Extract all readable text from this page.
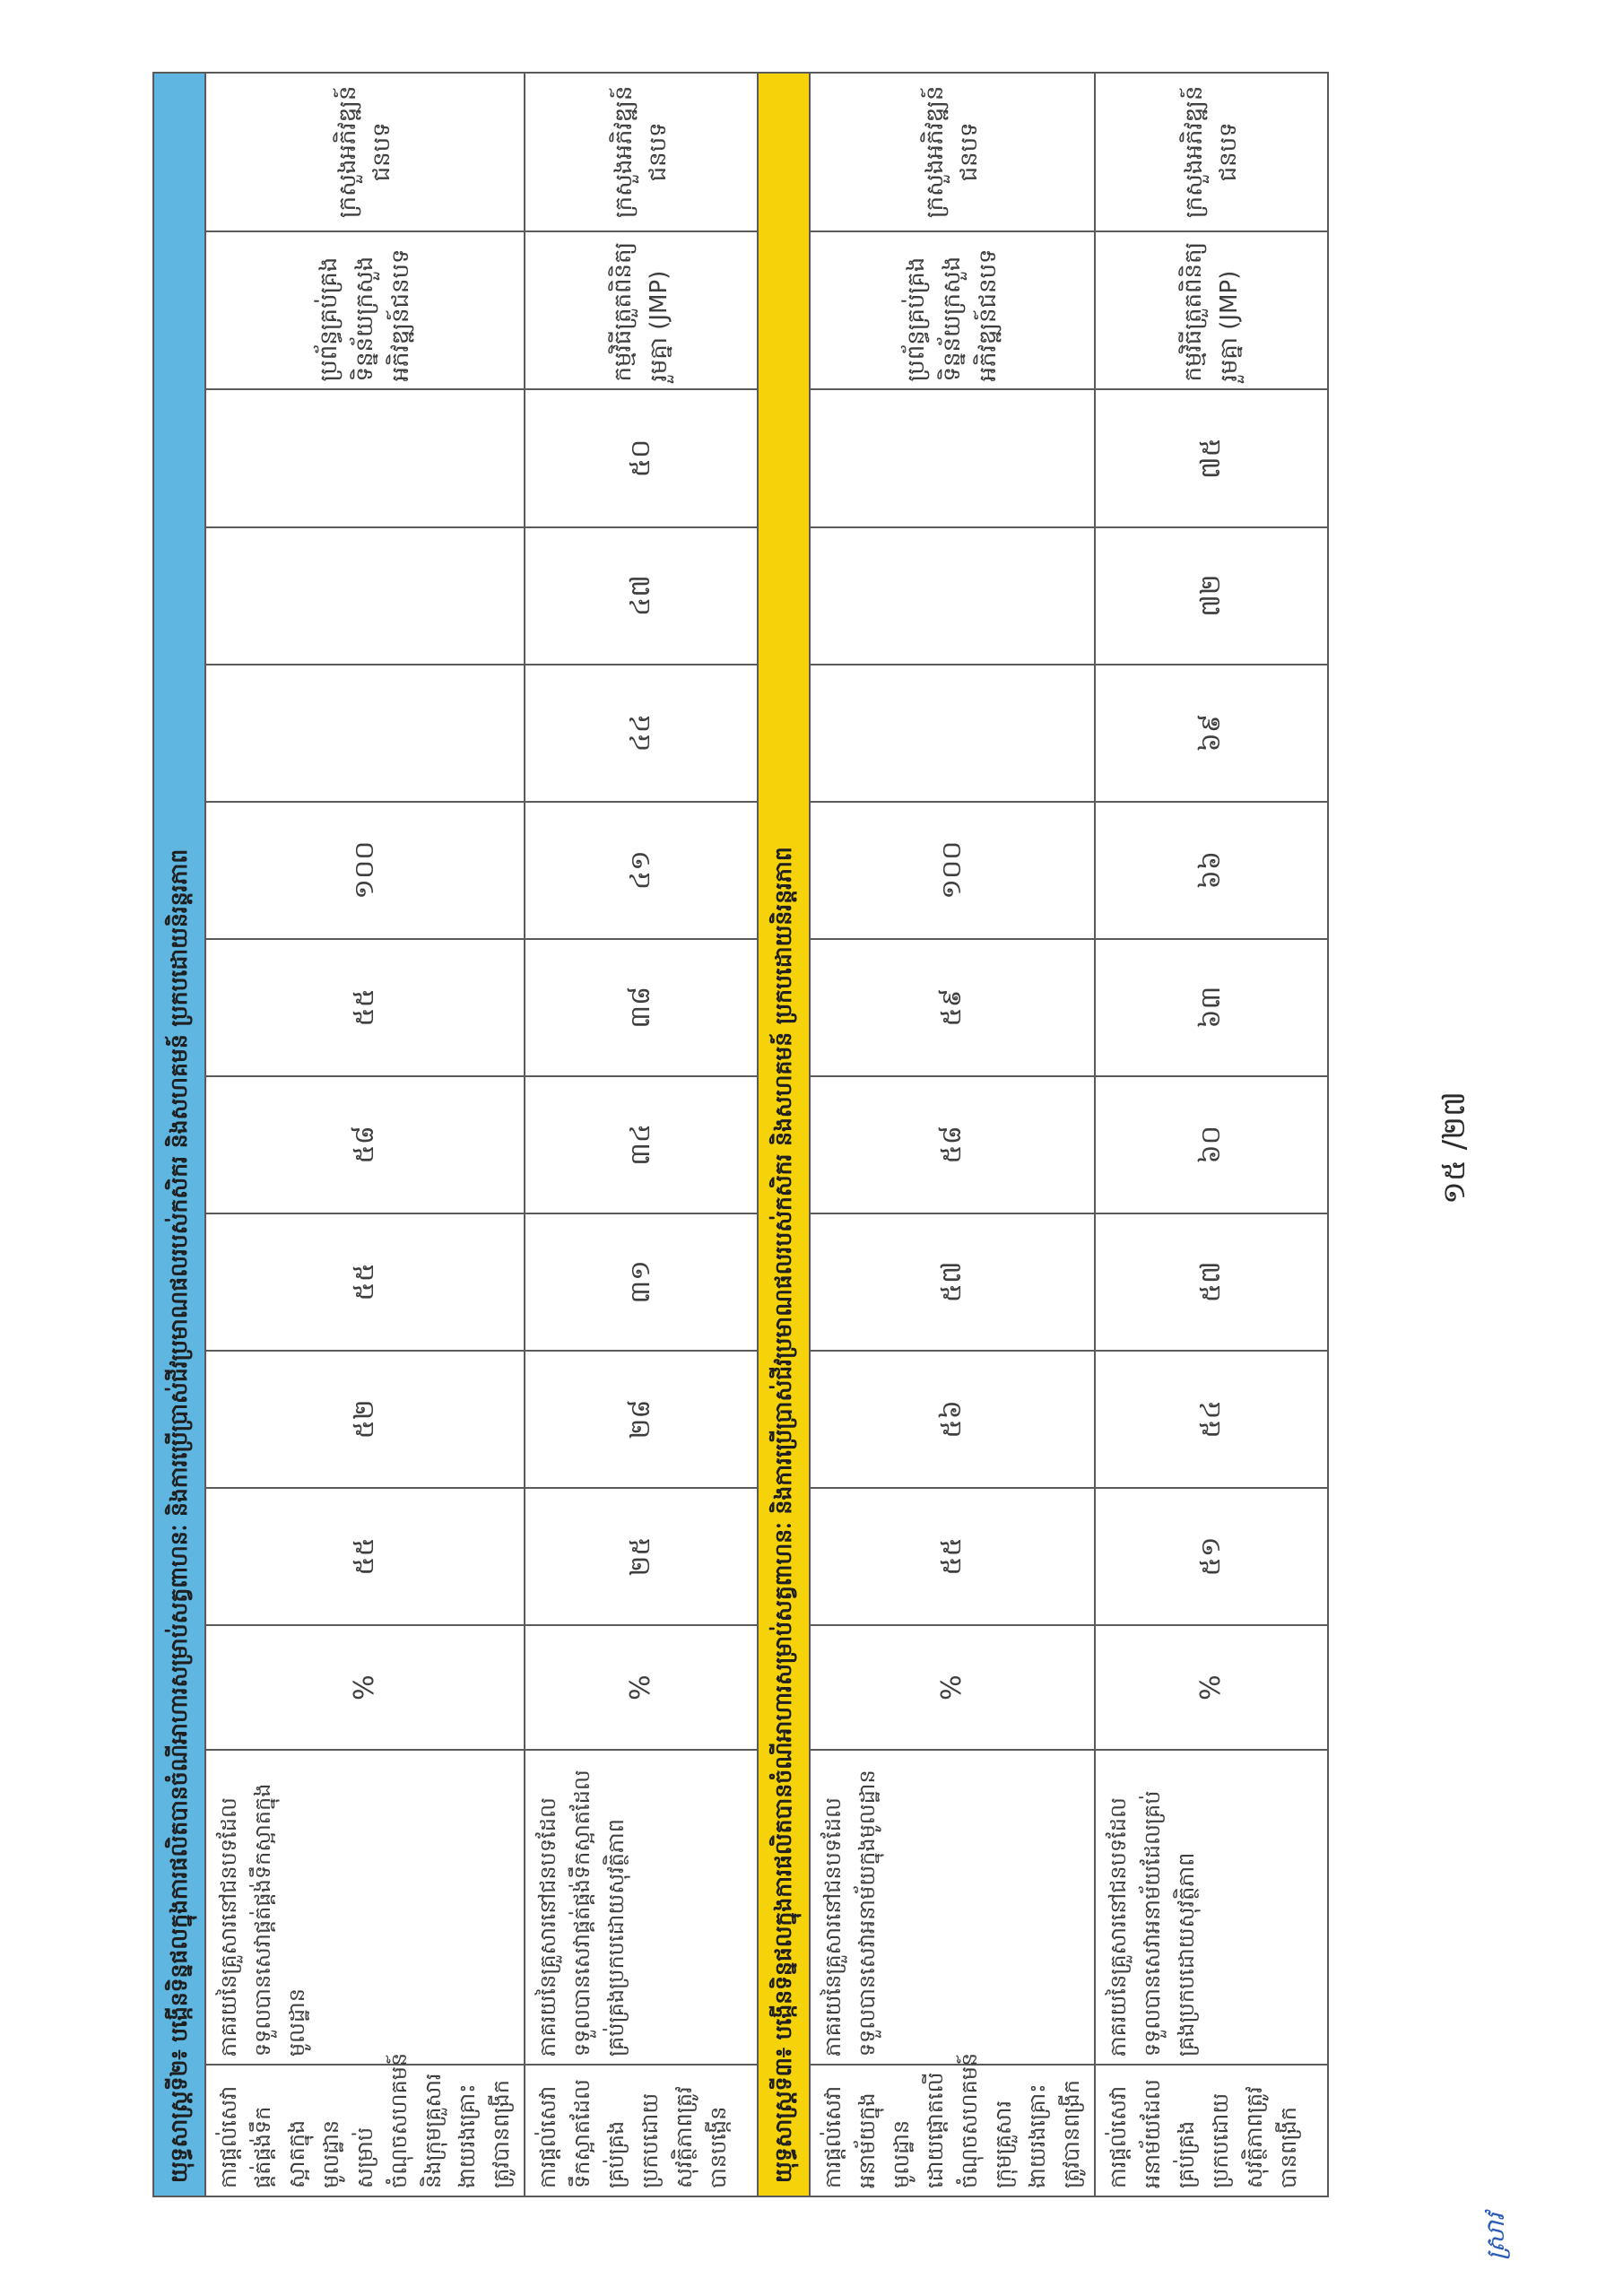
យុទ្ធសាស្ត្រទី២៖ បង្កើនទិន្នផលក្នុងការផលិតបានចំណីអាហារសម្រាប់សត្វពាហនៈ និងការប្រើប្រាស់ជីវប្រមាណផលរបស់កសិករ និងសហគមន៍ ប្រកបដោយនិរន្តរភាព													
ការផ្តល់សេវាផ្គត់ផ្គង់ទឹកស្អាតក្នុងមូលដ្ឋានសម្រាប់ចំណុចសហគមន៍ និងក្រុមគ្រួសារងាយរងគ្រោះត្រូវបានពង្រីក	ភាគរយនៃគ្រួសារនៅជនបទដែលទទួលបានសេវាផ្គត់ផ្គង់ទឹកស្អាតក្នុងមូលដ្ឋាន	%	៥៥	៥២	៥៥	៥៨	៥៥	១០០				ប្រព័ន្ធគ្រប់គ្រងទិន្នន័យក្រសួងអភិវឌ្ឍន៍ជនបទ	ក្រសួងអភិវឌ្ឍន៍ជនបទ
ការផ្តល់សេវាទឹកស្អាតដែលគ្រប់គ្រងប្រកបដោយសុវត្ថិភាពត្រូវបានបង្កើន	ភាគរយនៃគ្រួសារនៅជនបទដែលទទួលបានសេវាផ្គត់ផ្គង់ទឹកស្អាតដែលគ្រប់គ្រងប្រកបដោយសុវត្ថិភាព	%	២៥	២៨	៣១	៣៤	៣៨	៤១	៤៤	៤៧	៥០	កម្មវិធីត្រួតពិនិត្យរួមគ្នា (JMP)	ក្រសួងអភិវឌ្ឍន៍ជនបទ
យុទ្ធសាស្ត្រទី៣៖ បង្កើនទិន្នផលក្នុងការផលិតបានចំណីអាហារសម្រាប់សត្វពាហនៈ និងការប្រើប្រាស់ជីវប្រមាណផលរបស់កសិករ និងសហគមន៍ ប្រកបដោយនិរន្តរភាព													
ការផ្តល់សេវាអនាម័យក្នុងមូលដ្ឋានដោយផ្តោតលើចំណុចសហគមន៍ ក្រុមគ្រួសារងាយរងគ្រោះត្រូវបានពង្រីក	ភាគរយនៃគ្រួសារនៅជនបទដែលទទួលបានសេវាអនាម័យក្នុងមូលដ្ឋាន	%	៥៥	៥៦	៥៧	៥៨	៥៩	១០០				ប្រព័ន្ធគ្រប់គ្រងទិន្នន័យក្រសួងអភិវឌ្ឍន៍ជនបទ	ក្រសួងអភិវឌ្ឍន៍ជនបទ
ការផ្តល់សេវាអនាម័យដែលគ្រប់គ្រងប្រកបដោយសុវត្ថិភាពត្រូវបានពង្រីក	ភាគរយនៃគ្រួសារនៅជនបទដែលទទួលបានសេវាអនាម័យដែលគ្រប់គ្រងប្រកបដោយសុវត្ថិភាព	%	៥១	៥៤	៥៧	៦០	៦៣	៦៦	៦៩	៧២	៧៥	កម្មវិធីត្រួតពិនិត្យរួមគ្នា (JMP)	ក្រសួងអភិវឌ្ឍន៍ជនបទ
១៥ /២៧
ស្រាវ
